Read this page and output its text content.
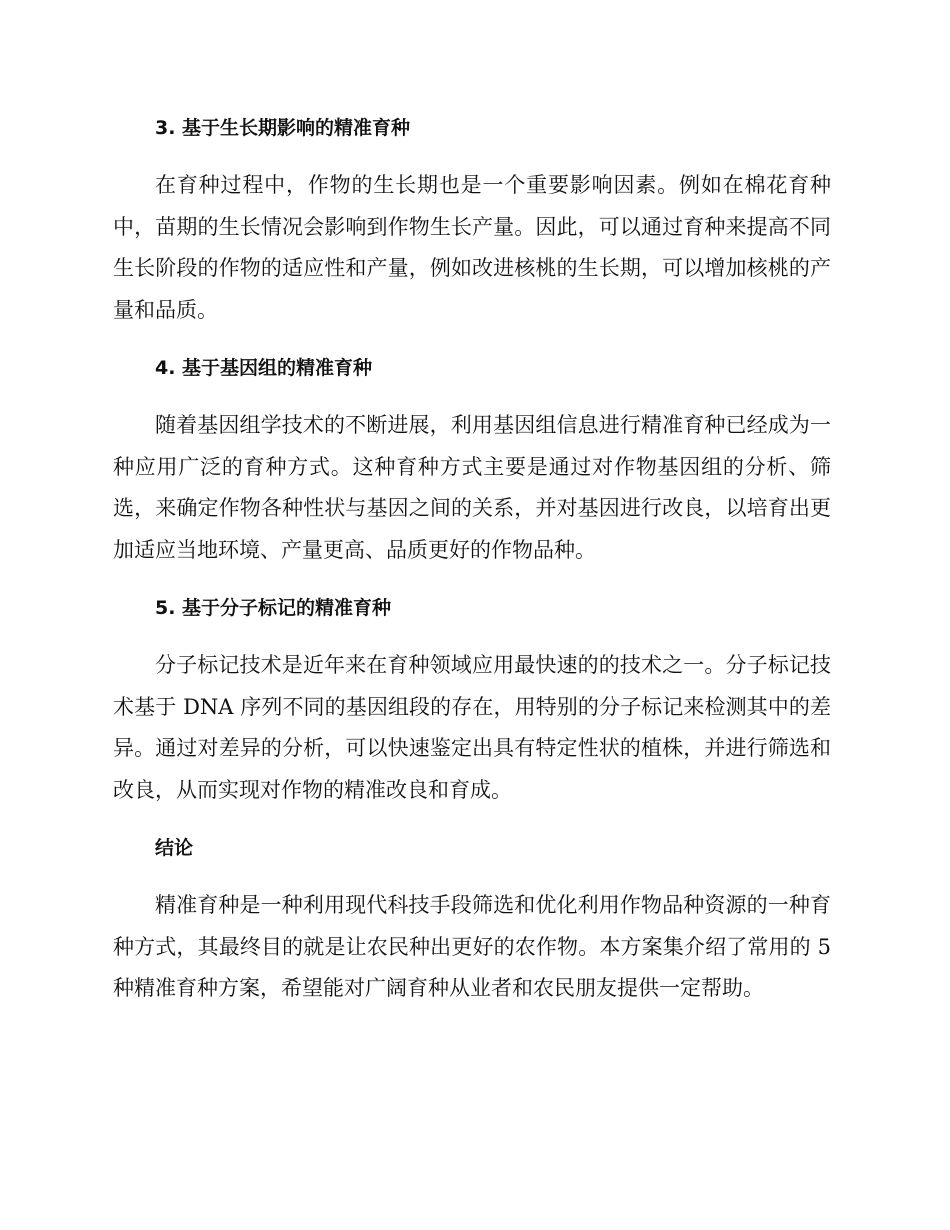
3. 基于生长期影响的精准育种

在育种过程中，作物的生长期也是一个重要影响因素。例如在棉花育种中，苗期的生长情况会影响到作物生长产量。因此，可以通过育种来提高不同生长阶段的作物的适应性和产量，例如改进核桃的生长期，可以增加核桃的产量和品质。

4. 基于基因组的精准育种

随着基因组学技术的不断进展，利用基因组信息进行精准育种已经成为一种应用广泛的育种方式。这种育种方式主要是通过对作物基因组的分析、筛选，来确定作物各种性状与基因之间的关系，并对基因进行改良，以培育出更加适应当地环境、产量更高、品质更好的作物品种。

5. 基于分子标记的精准育种

分子标记技术是近年来在育种领域应用最快速的的技术之一。分子标记技术基于 DNA 序列不同的基因组段的存在，用特别的分子标记来检测其中的差异。通过对差异的分析，可以快速鉴定出具有特定性状的植株，并进行筛选和改良，从而实现对作物的精准改良和育成。

结论

精准育种是一种利用现代科技手段筛选和优化利用作物品种资源的一种育种方式，其最终目的就是让农民种出更好的农作物。本方案集介绍了常用的 5 种精准育种方案，希望能对广阔育种从业者和农民朋友提供一定帮助。
